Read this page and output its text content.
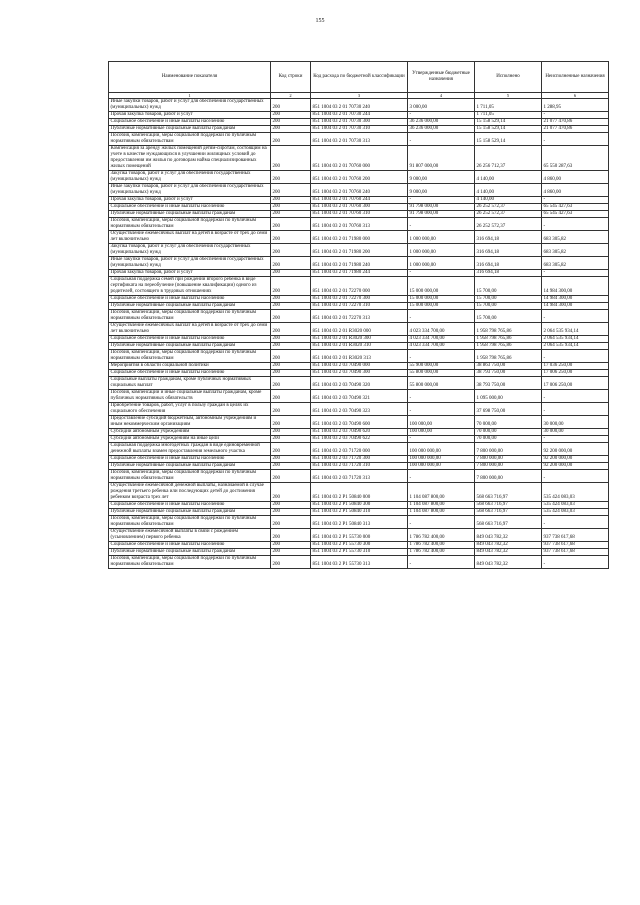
155
Наименование показателя	Код строки	Код расхода по бюджетной классификации	Утвержденные бюджетные назначения	Исполнено	Неисполненные назначения
1	2	3	4	5	6
Иные закупки товаров, работ и услуг для обеспечения государственных (муниципальных) нужд	200	851 1004 03 2 01 70730 240	3 000,00	1 711,05	1 288,95
Прочая закупка товаров, работ и услуг	200	851 1004 03 2 01 70730 244	-	1 711,05	-
Социальное обеспечение и иные выплаты населению	200	851 1004 03 2 01 70730 300	36 236 000,00	15 158 529,14	21 077 470,86
Публичные нормативные социальные выплаты гражданам	200	851 1004 03 2 01 70730 310	36 236 000,00	15 158 529,14	21 077 470,86
Пособия, компенсации, меры социальной поддержки по публичным нормативным обязательствам	200	851 1004 03 2 01 70730 313	-	15 158 529,14	-
Компенсация за аренду жилых помещений детям-сиротам, состоящим на учете в качестве нуждающихся в улучшении жилищных условий до предоставления им жилья по договорам найма специализированных жилых помещений	200	851 1004 03 2 01 70760 000	91 807 000,00	26 256 712,37	65 550 287,63
Закупка товаров, работ и услуг для обеспечения государственных (муниципальных) нужд	200	851 1004 03 2 01 70760 200	9 000,00	4 140,00	4 860,00
Иные закупки товаров, работ и услуг для обеспечения государственных (муниципальных) нужд	200	851 1004 03 2 01 70760 240	9 000,00	4 140,00	4 860,00
Прочая закупка товаров, работ и услуг	200	851 1004 03 2 01 70760 244	-	4 140,00	-
Социальное обеспечение и иные выплаты населению	200	851 1004 03 2 01 70760 300	91 798 000,00	26 252 572,37	65 545 427,63
Публичные нормативные социальные выплаты гражданам	200	851 1004 03 2 01 70760 310	91 798 000,00	26 252 572,37	65 545 427,63
Пособия, компенсации, меры социальной поддержки по публичным нормативным обязательствам	200	851 1004 03 2 01 70760 313	-	26 252 572,37	-
Осуществление ежемесячных выплат на детей в возрасте от трех до семи лет включительно	200	851 1004 03 2 01 71980 000	1 000 000,00	316 694,18	683 305,82
Закупка товаров, работ и услуг для обеспечения государственных (муниципальных) нужд	200	851 1004 03 2 01 71980 200	1 000 000,00	316 694,18	683 305,82
Иные закупки товаров, работ и услуг для обеспечения государственных (муниципальных) нужд	200	851 1004 03 2 01 71980 240	1 000 000,00	316 694,18	683 305,82
Прочая закупка товаров, работ и услуг	200	851 1004 03 2 01 71980 244	-	316 694,18	-
Социальная поддержка семей при рождении второго ребенка в виде сертификата на переобучение (повышение квалификации) одного из родителей, состоящего в трудовых отношениях	200	851 1004 03 2 01 72270 000	15 000 000,00	15 700,00	14 984 300,00
Социальное обеспечение и иные выплаты населению	200	851 1004 03 2 01 72270 300	15 000 000,00	15 700,00	14 984 300,00
Публичные нормативные социальные выплаты гражданам	200	851 1004 03 2 01 72270 310	15 000 000,00	15 700,00	14 984 300,00
Пособия, компенсации, меры социальной поддержки по публичным нормативным обязательствам	200	851 1004 03 2 01 72270 313	-	15 700,00	-
Осуществление ежемесячных выплат на детей в возрасте от трех до семи лет включительно	200	851 1004 03 2 01 R3020 000	4 023 334 700,00	1 958 798 765,86	2 064 535 934,14
Социальное обеспечение и иные выплаты населению	200	851 1004 03 2 01 R3020 300	4 023 334 700,00	1 958 798 765,86	2 064 535 934,14
Публичные нормативные социальные выплаты гражданам	200	851 1004 03 2 01 R3020 310	4 023 334 700,00	1 958 798 765,86	2 064 535 934,14
Пособия, компенсации, меры социальной поддержки по публичным нормативным обязательствам	200	851 1004 03 2 01 R3020 313	-	1 958 798 765,86	-
Мероприятия в области социальной политики	200	851 1004 03 2 03 70490 000	55 900 000,00	38 863 750,00	17 036 250,00
Социальное обеспечение и иные выплаты населению	200	851 1004 03 2 03 70490 300	55 800 000,00	38 793 750,00	17 006 250,00
Социальные выплаты гражданам, кроме публичных нормативных социальных выплат	200	851 1004 03 2 03 70490 320	55 800 000,00	38 793 750,00	17 006 250,00
Пособия, компенсации и иные социальные выплаты гражданам, кроме публичных нормативных обязательств	200	851 1004 03 2 03 70490 321	-	1 095 000,00	-
Приобретение товаров, работ, услуг в пользу граждан в целях их социального обеспечения	200	851 1004 03 2 03 70490 323	-	37 698 750,00	-
Предоставление субсидий бюджетным, автономным учреждениям и иным некоммерческим организациям	200	851 1004 03 2 03 70490 600	100 000,00	70 000,00	30 000,00
Субсидии автономным учреждениям	200	851 1004 03 2 03 70490 620	100 000,00	70 000,00	30 000,00
Субсидии автономным учреждениям на иные цели	200	851 1004 03 2 03 70490 622	-	70 000,00	-
Социальная поддержка многодетных граждан в виде единовременной денежной выплаты взамен предоставления земельного участка	200	851 1004 03 2 03 71720 000	100 000 000,00	7 800 000,00	92 200 000,00
Социальное обеспечение и иные выплаты населению	200	851 1004 03 2 03 71720 300	100 000 000,00	7 800 000,00	92 200 000,00
Публичные нормативные социальные выплаты гражданам	200	851 1004 03 2 03 71720 310	100 000 000,00	7 800 000,00	92 200 000,00
Пособия, компенсации, меры социальной поддержки по публичным нормативным обязательствам	200	851 1004 03 2 03 71720 313	-	7 800 000,00	-
Осуществление ежемесячной денежной выплаты, назначаемой в случае рождения третьего ребенка или последующих детей до достижения ребенком возраста трех лет	200	851 1004 03 2 P1 50840 000	1 104 087 800,00	568 663 716,97	535 424 083,03
Социальное обеспечение и иные выплаты населению	200	851 1004 03 2 P1 50840 300	1 104 087 800,00	568 663 716,97	535 424 083,03
Публичные нормативные социальные выплаты гражданам	200	851 1004 03 2 P1 50840 310	1 104 087 800,00	568 663 716,97	535 424 083,03
Пособия, компенсации, меры социальной поддержки по публичным нормативным обязательствам	200	851 1004 03 2 P1 50840 313	-	568 663 716,97	-
Осуществление ежемесячной выплаты в связи с рождением (усыновлением) первого ребенка	200	851 1004 03 2 P1 55730 000	1 786 782 400,00	849 043 782,32	937 738 617,68
Социальное обеспечение и иные выплаты населению	200	851 1004 03 2 P1 55730 300	1 786 782 400,00	849 043 782,32	937 738 617,68
Публичные нормативные социальные выплаты гражданам	200	851 1004 03 2 P1 55730 310	1 786 782 400,00	849 043 782,32	937 738 617,68
Пособия, компенсации, меры социальной поддержки по публичным нормативным обязательствам	200	851 1004 03 2 P1 55730 313	-	849 043 782,32	-
